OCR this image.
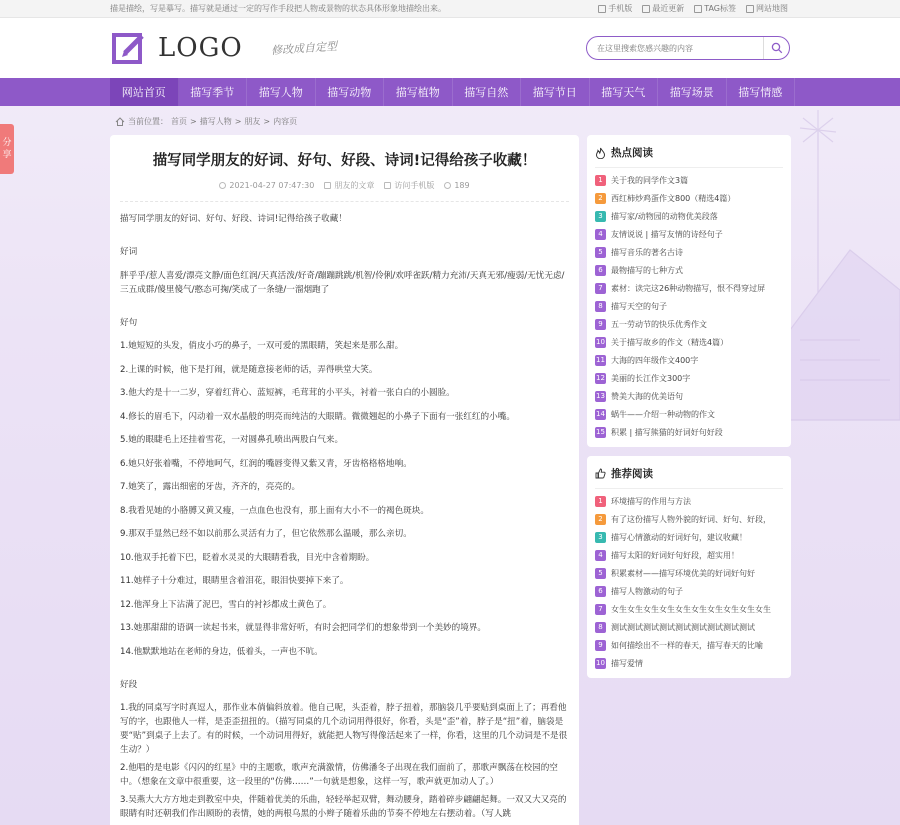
描是描绘，写是摹写。描写就是通过一定的写作手段把人物或景物的状态具体形象地描绘出来。	手机版	最近更新	TAG标签	网站地图
LOGO	修改成自定型
在这里搜索您感兴趣的内容
网站首页	描写季节	描写人物	描写动物	描写植物	描写自然	描写节日	描写天气	描写场景	描写情感
当前位置： 首页 > 描写人物 > 朋友 > 内容页
分
享	描写同学朋友的好词、好句、好段、诗词!记得给孩子收藏！
2021-04-27 07:47:30	朋友的文章	访问手机版	189

描写同学朋友的好词、好句、好段、诗词!记得给孩子收藏！

好词

胖乎乎/惹人喜爱/漂亮文静/面色红润/天真活泼/好奇/蹦蹦跳跳/机智/伶俐/欢呼雀跃/精力充沛/天真无邪/瘦弱/无忧无虑/三五成群/傻里傻气/憨态可掬/笑成了一条缝/一溜烟跑了

好句

1.她短短的头发，俏皮小巧的鼻子，一双可爱的黑眼睛，笑起来是那么甜。

2.上课的时候，他下是打闹，就是随意接老师的话，弄得哄堂大笑。

3.他大约是十一二岁，穿着红背心、蓝短裤，毛茸茸的小平头，衬着一张白白的小圆脸。

4.修长的眉毛下，闪动着一双水晶般的明亮而纯洁的大眼睛。微微翘起的小鼻子下面有一张红红的小嘴。

5.她的眼睫毛上还挂着雪花，一对圆鼻孔喷出两股白气来。

6.她只好张着嘴，不停地呵气，红润的嘴唇变得又紫又青，牙齿格格格地响。

7.她笑了，露出细密的牙齿，齐齐的，亮亮的。

8.我看见她的小胳膊又黄又瘦，一点血色也没有，那上面有大小不一的褐色斑块。

9.那双手显然已经不如以前那么灵活有力了，但它依然那么温暖，那么亲切。

10.他双手托着下巴，眨着水灵灵的大眼睛看我，目光中含着期盼。

11.她样子十分难过，眼睛里含着泪花，眼泪快要掉下来了。

12.他浑身上下沾满了泥巴，雪白的衬衫都成土黄色了。

13.她那甜甜的语调一读起书来，就显得非常好听，有时会把同学们的想象带到一个美妙的境界。

14.他默默地站在老师的身边，低着头，一声也不吭。

好段

1.我的同桌写字时真逗人，那作业本倘偏斜放着。他自己呢，头歪着，脖子扭着，那脑袋几乎要贴到桌面上了；再看他写的字，也跟他人一样，是歪歪扭扭的。（描写同桌的几个动词用得很好，你看，头是“歪”着，脖子是“扭”着，脑袋是要“贴”到桌子上去了。有的时候，一个动词用得好，就能把人物写得像活起来了一样，你看，这里的几个动词是不是很生动？）

2.他唱的是电影《闪闪的红星》中的主题歌，歌声充满激情，仿佛潘冬子出现在我们面前了，那歌声飘荡在校园的空中。（想象在文章中很重要，这一段里的“仿佛……”一句就是想象，这样一写，歌声就更加动人了。）

3.吴燕大大方方地走到教室中央，伴随着优美的乐曲，轻轻举起双臂，舞动腰身，踏着碎步翩翩起舞。一双又大又亮的眼睛有时还朝我们作出顾盼的表情，她的两根乌黑的小辫子随着乐曲的节奏不停地左右摆动着。（写人跳

热点阅读
1	关于我的同学作文3篇
2	西红柿炒鸡蛋作文800（精选4篇）
3	描写家/动物园的动物优美段落
4	友情说说 | 描写友情的诗经句子
5	描写音乐的著名古诗
6	最物描写的七种方式
7	素材：读完这26种动物描写，恨不得穿过屏
8	描写天空的句子
9	五一劳动节的快乐优秀作文
10 关于描写故乡的作文（精选4篇）
11 大海的四年级作文400字
12 美丽的长江作文300字
13 赞美大海的优美语句
14 蜗牛——介绍一种动物的作文
15 积累 | 描写熊猫的好词好句好段
推荐阅读
1	环境描写的作用与方法
2	有了这份描写人物外貌的好词、好句、好段，
3	描写心情激动的好词好句，建议收藏！
4	描写太阳的好词好句好段，超实用！
5	积累素材——描写环境优美的好词好句好
6	描写人物激动的句子
7	女生女生女生女生女生女生女生女生女生女生
8	测试测试测试测试测试测试测试测试测试
9	如何描绘出不一样的春天，描写春天的比喻
10 描写爱情
